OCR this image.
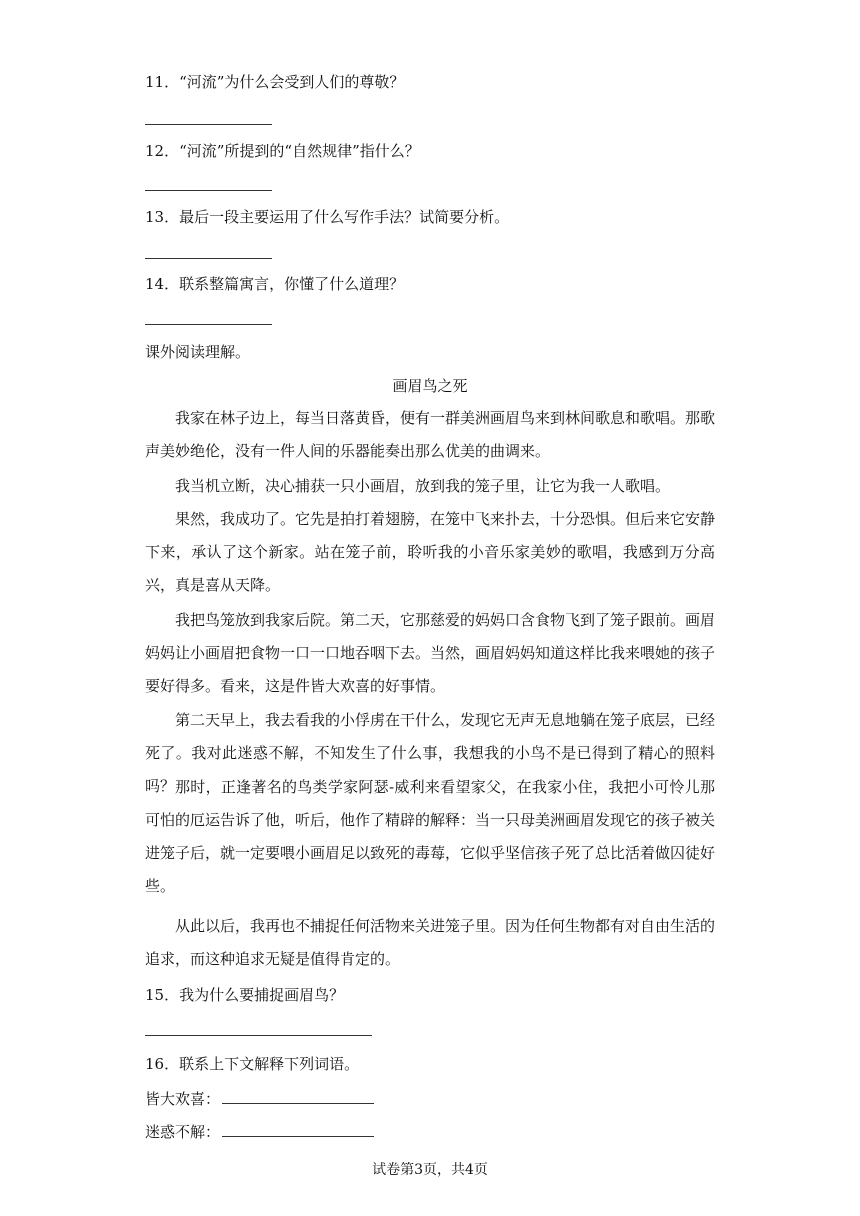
11．“河流”为什么会受到人们的尊敬？
12．“河流”所提到的“自然规律”指什么？
13．最后一段主要运用了什么写作手法？试简要分析。
14．联系整篇寓言，你懂了什么道理？
课外阅读理解。
画眉鸟之死
我家在林子边上，每当日落黄昏，便有一群美洲画眉鸟来到林间歌息和歌唱。那歌声美妙绝伦，没有一件人间的乐器能奏出那么优美的曲调来。
我当机立断，决心捕获一只小画眉，放到我的笼子里，让它为我一人歌唱。
果然，我成功了。它先是拍打着翅膀，在笼中飞来扑去，十分恐惧。但后来它安静下来，承认了这个新家。站在笼子前，聆听我的小音乐家美妙的歌唱，我感到万分高兴，真是喜从天降。
我把鸟笼放到我家后院。第二天，它那慈爱的妈妈口含食物飞到了笼子跟前。画眉妈妈让小画眉把食物一口一口地吞咽下去。当然，画眉妈妈知道这样比我来喂她的孩子要好得多。看来，这是件皆大欢喜的好事情。
第二天早上，我去看我的小俘虏在干什么，发现它无声无息地躺在笼子底层，已经死了。我对此迷惑不解，不知发生了什么事，我想我的小鸟不是已得到了精心的照料吗？ 那时，正逢著名的鸟类学家阿瑟-威利来看望家父，在我家小住，我把小可怜儿那可怕的厄运告诉了他，听后，他作了精辟的解释：当一只母美洲画眉发现它的孩子被关进笼子后，就一定要喂小画眉足以致死的毒莓，它似乎坚信孩子死了总比活着做囚徒好些。
从此以后，我再也不捕捉任何活物来关进笼子里。因为任何生物都有对自由生活的追求，而这种追求无疑是值得肯定的。
15．我为什么要捕捉画眉鸟？
16．联系上下文解释下列词语。
皆大欢喜：
迷惑不解：
试卷第3页，共4页
